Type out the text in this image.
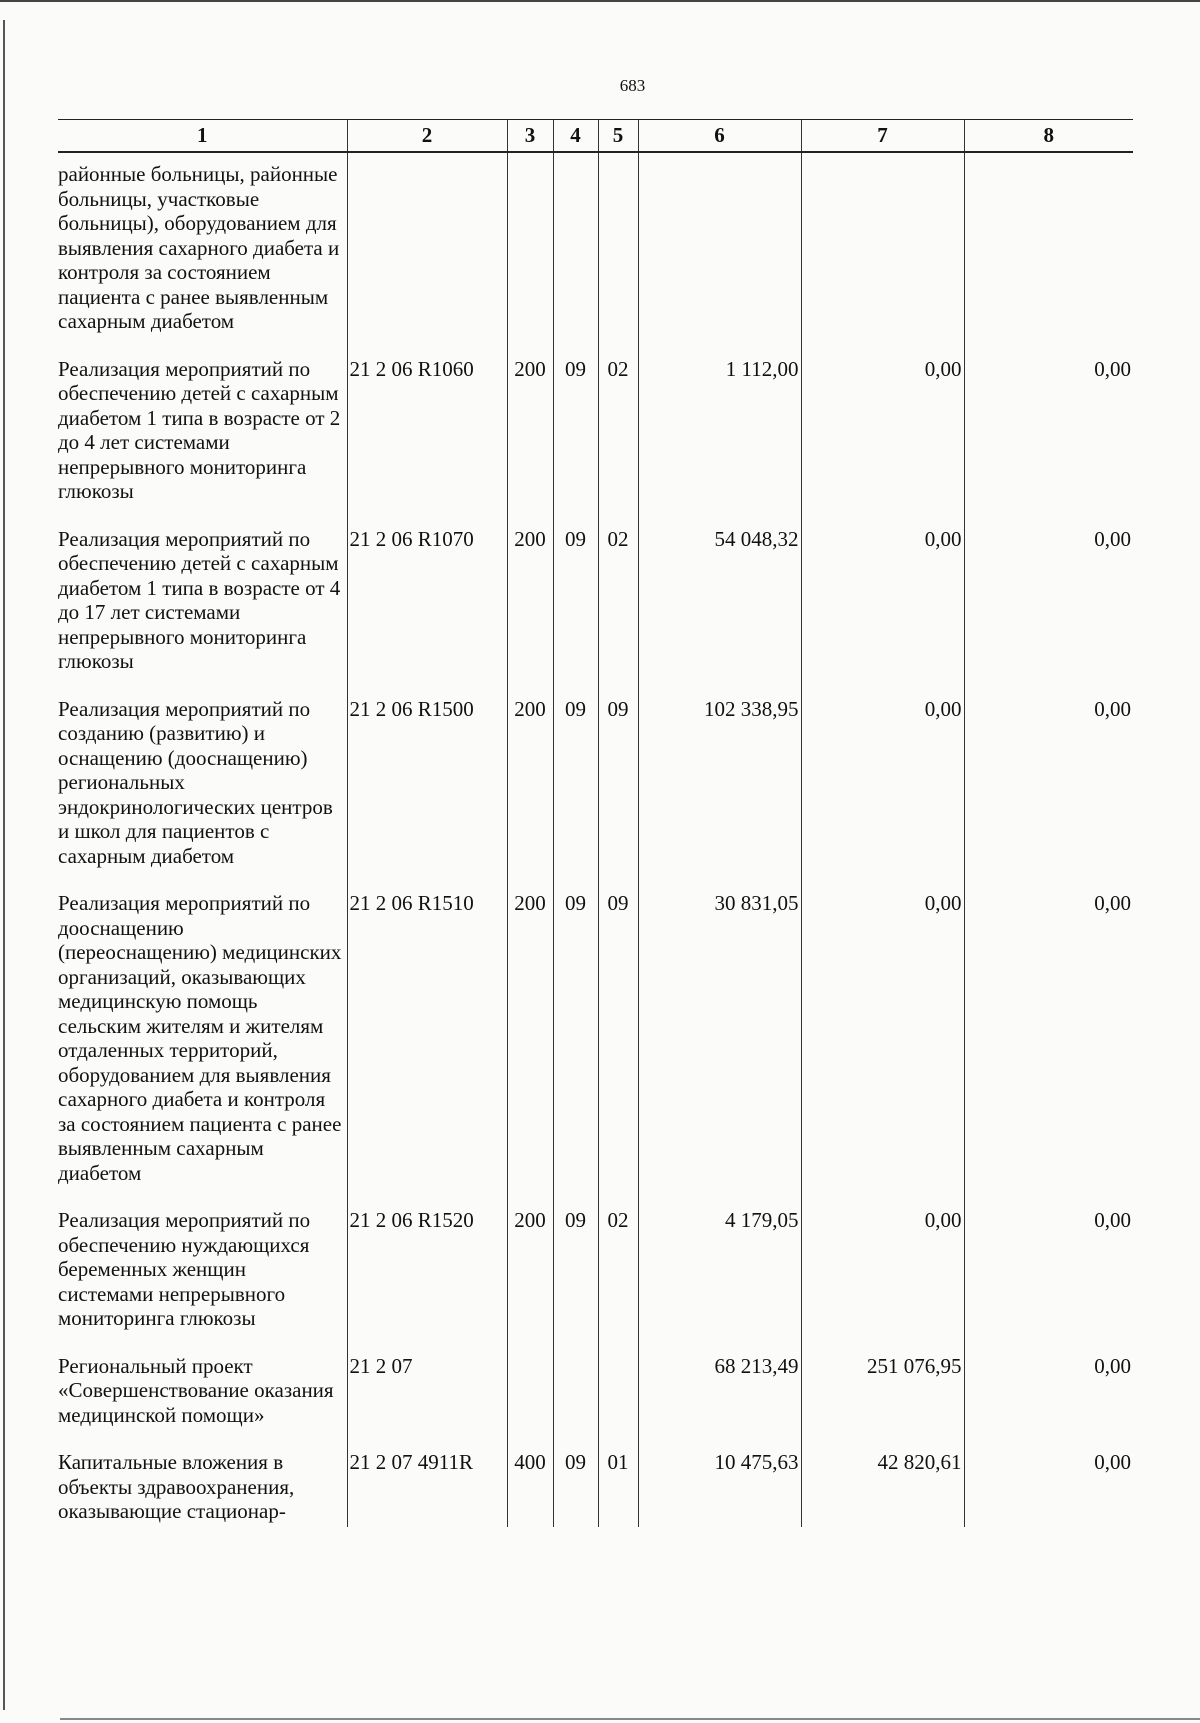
683
1	2	3	4	5	6	7	8
районные больницы, районные больницы, участковые больницы), оборудованием для выявления сахарного диабета и контроля за состоянием пациента с ранее выявленным сахарным диабетом							
Реализация мероприятий по обеспечению детей с сахарным диабетом 1 типа в возрасте от 2 до 4 лет системами непрерывного мониторинга глюкозы	21 2 06 R1060	200	09	02	1 112,00	0,00	0,00
Реализация мероприятий по обеспечению детей с сахарным диабетом 1 типа в возрасте от 4 до 17 лет системами непрерывного мониторинга глюкозы	21 2 06 R1070	200	09	02	54 048,32	0,00	0,00
Реализация мероприятий по созданию (развитию) и оснащению (дооснащению) региональных эндокринологических центров и школ для пациентов с сахарным диабетом	21 2 06 R1500	200	09	09	102 338,95	0,00	0,00
Реализация мероприятий по дооснащению (переоснащению) медицинских организаций, оказывающих медицинскую помощь сельским жителям и жителям отдаленных территорий, оборудованием для выявления сахарного диабета и контроля за состоянием пациента с ранее выявленным сахарным диабетом	21 2 06 R1510	200	09	09	30 831,05	0,00	0,00
Реализация мероприятий по обеспечению нуждающихся беременных женщин системами непрерывного мониторинга глюкозы	21 2 06 R1520	200	09	02	4 179,05	0,00	0,00
Региональный проект «Совершенствование оказания медицинской помощи»	21 2 07				68 213,49	251 076,95	0,00
Капитальные вложения в объекты здравоохранения, оказывающие стационар-	21 2 07 4911R	400	09	01	10 475,63	42 820,61	0,00
